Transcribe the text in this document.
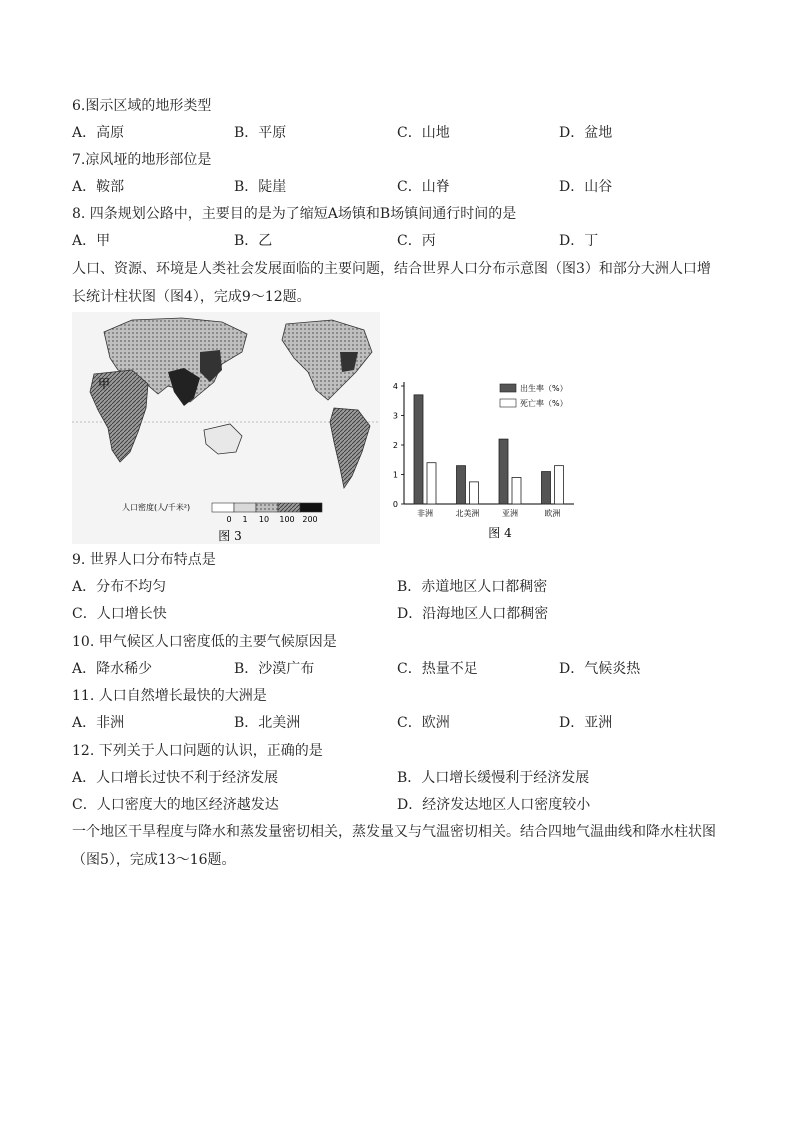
6.图示区域的地形类型
A．高原	B．平原	C．山地	D．盆地
7.凉风垭的地形部位是
A．鞍部	B．陡崖	C．山脊	D．山谷
8. 四条规划公路中，主要目的是为了缩短A场镇和B场镇间通行时间的是
A．甲	B．乙	C．丙	D．丁
人口、资源、环境是人类社会发展面临的主要问题，结合世界人口分布示意图（图3）和部分大洲人口增
长统计柱状图（图4），完成9～12题。
甲
人口密度(人/千米²)
0 1 10 100 200
图 3
0
1
2
3
4
非洲	北美洲	亚洲	欧洲
出生率（%）
死亡率（%）
图 4
9. 世界人口分布特点是
A．分布不均匀	B．赤道地区人口都稠密
C．人口增长快	D．沿海地区人口都稠密
10. 甲气候区人口密度低的主要气候原因是
A．降水稀少	B．沙漠广布	C．热量不足	D．气候炎热
11. 人口自然增长最快的大洲是
A．非洲	B．北美洲	C．欧洲	D．亚洲
12. 下列关于人口问题的认识，正确的是
A．人口增长过快不利于经济发展	B．人口增长缓慢利于经济发展
C．人口密度大的地区经济越发达	D．经济发达地区人口密度较小
一个地区干旱程度与降水和蒸发量密切相关，蒸发量又与气温密切相关。结合四地气温曲线和降水柱状图（图5），完成13～16题。
